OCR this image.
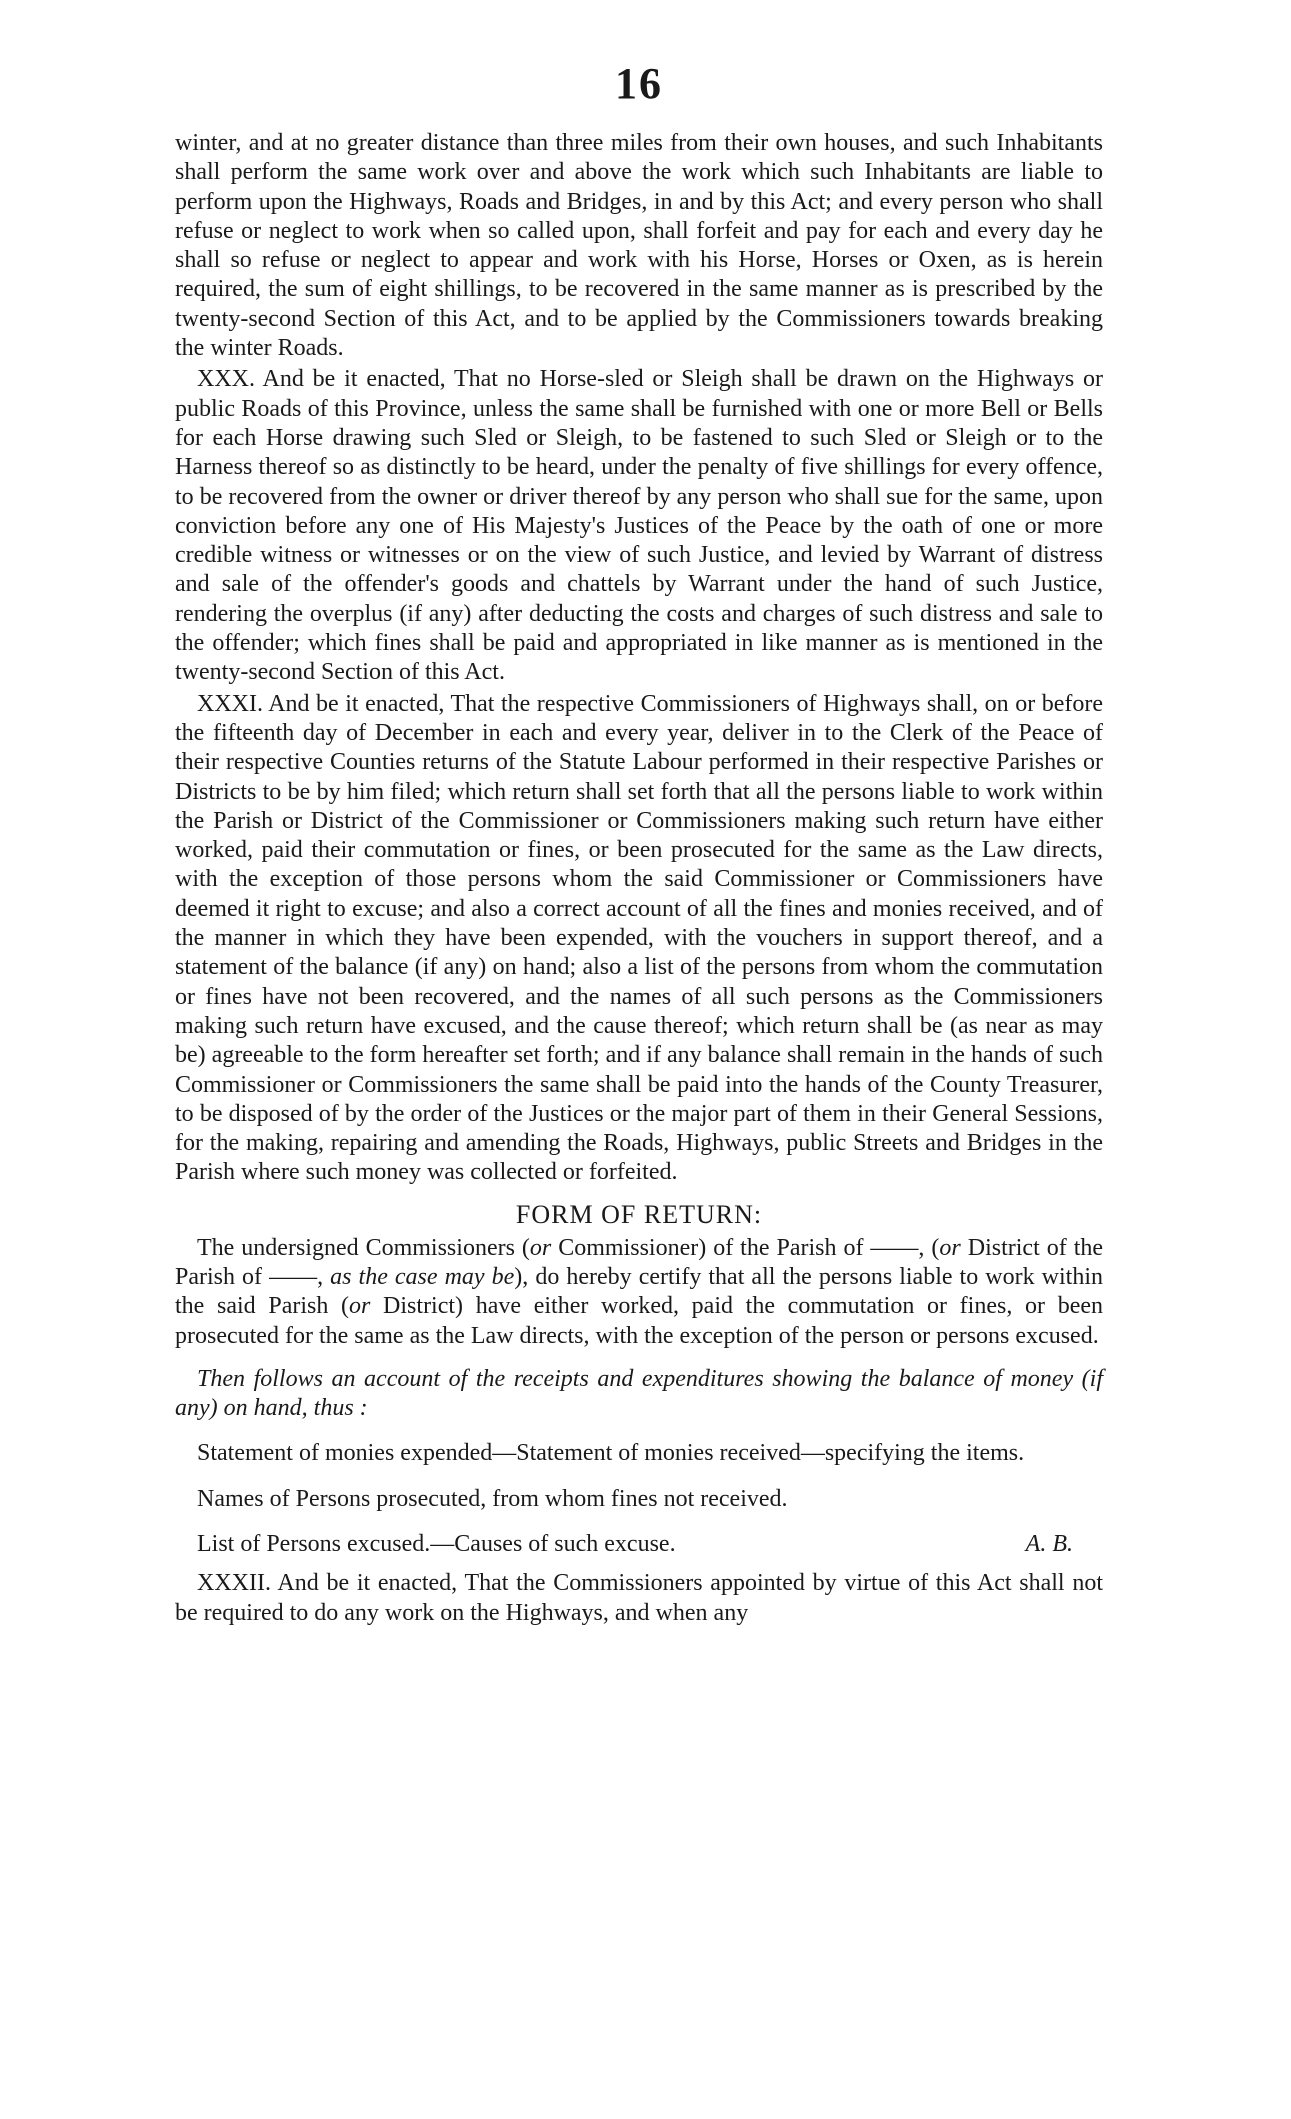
16

winter, and at no greater distance than three miles from their own houses, and such Inhabitants shall perform the same work over and above the work which such Inhabitants are liable to perform upon the Highways, Roads and Bridges, in and by this Act; and every person who shall refuse or neglect to work when so called upon, shall forfeit and pay for each and every day he shall so refuse or neglect to appear and work with his Horse, Horses or Oxen, as is herein required, the sum of eight shillings, to be recovered in the same manner as is prescribed by the twenty-second Section of this Act, and to be applied by the Commissioners towards breaking the winter Roads.

XXX. And be it enacted, That no Horse-sled or Sleigh shall be drawn on the Highways or public Roads of this Province, unless the same shall be furnished with one or more Bell or Bells for each Horse drawing such Sled or Sleigh, to be fastened to such Sled or Sleigh or to the Harness thereof so as distinctly to be heard, under the penalty of five shillings for every offence, to be recovered from the owner or driver thereof by any person who shall sue for the same, upon conviction before any one of His Majesty's Justices of the Peace by the oath of one or more credible witness or witnesses or on the view of such Justice, and levied by Warrant of distress and sale of the offender's goods and chattels by Warrant under the hand of such Justice, rendering the overplus (if any) after deducting the costs and charges of such distress and sale to the offender; which fines shall be paid and appropriated in like manner as is mentioned in the twenty-second Section of this Act.

XXXI. And be it enacted, That the respective Commissioners of Highways shall, on or before the fifteenth day of December in each and every year, deliver in to the Clerk of the Peace of their respective Counties returns of the Statute Labour performed in their respective Parishes or Districts to be by him filed; which return shall set forth that all the persons liable to work within the Parish or District of the Commissioner or Commissioners making such return have either worked, paid their commutation or fines, or been prosecuted for the same as the Law directs, with the exception of those persons whom the said Commissioner or Commissioners have deemed it right to excuse; and also a correct account of all the fines and monies received, and of the manner in which they have been expended, with the vouchers in support thereof, and a statement of the balance (if any) on hand; also a list of the persons from whom the commutation or fines have not been recovered, and the names of all such persons as the Commissioners making such return have excused, and the cause thereof; which return shall be (as near as may be) agreeable to the form hereafter set forth; and if any balance shall remain in the hands of such Commissioner or Commissioners the same shall be paid into the hands of the County Treasurer, to be disposed of by the order of the Justices or the major part of them in their General Sessions, for the making, repairing and amending the Roads, Highways, public Streets and Bridges in the Parish where such money was collected or forfeited.

FORM OF RETURN:

The undersigned Commissioners (or Commissioner) of the Parish of ——, (or District of the Parish of ——, as the case may be), do hereby certify that all the persons liable to work within the said Parish (or District) have either worked, paid the commutation or fines, or been prosecuted for the same as the Law directs, with the exception of the person or persons excused.

Then follows an account of the receipts and expenditures showing the balance of money (if any) on hand, thus :

Statement of monies expended—Statement of monies received—specifying the items.

Names of Persons prosecuted, from whom fines not received.

List of Persons excused.—Causes of such excuse.	A. B.

XXXII. And be it enacted, That the Commissioners appointed by virtue of this Act shall not be required to do any work on the Highways, and when any
